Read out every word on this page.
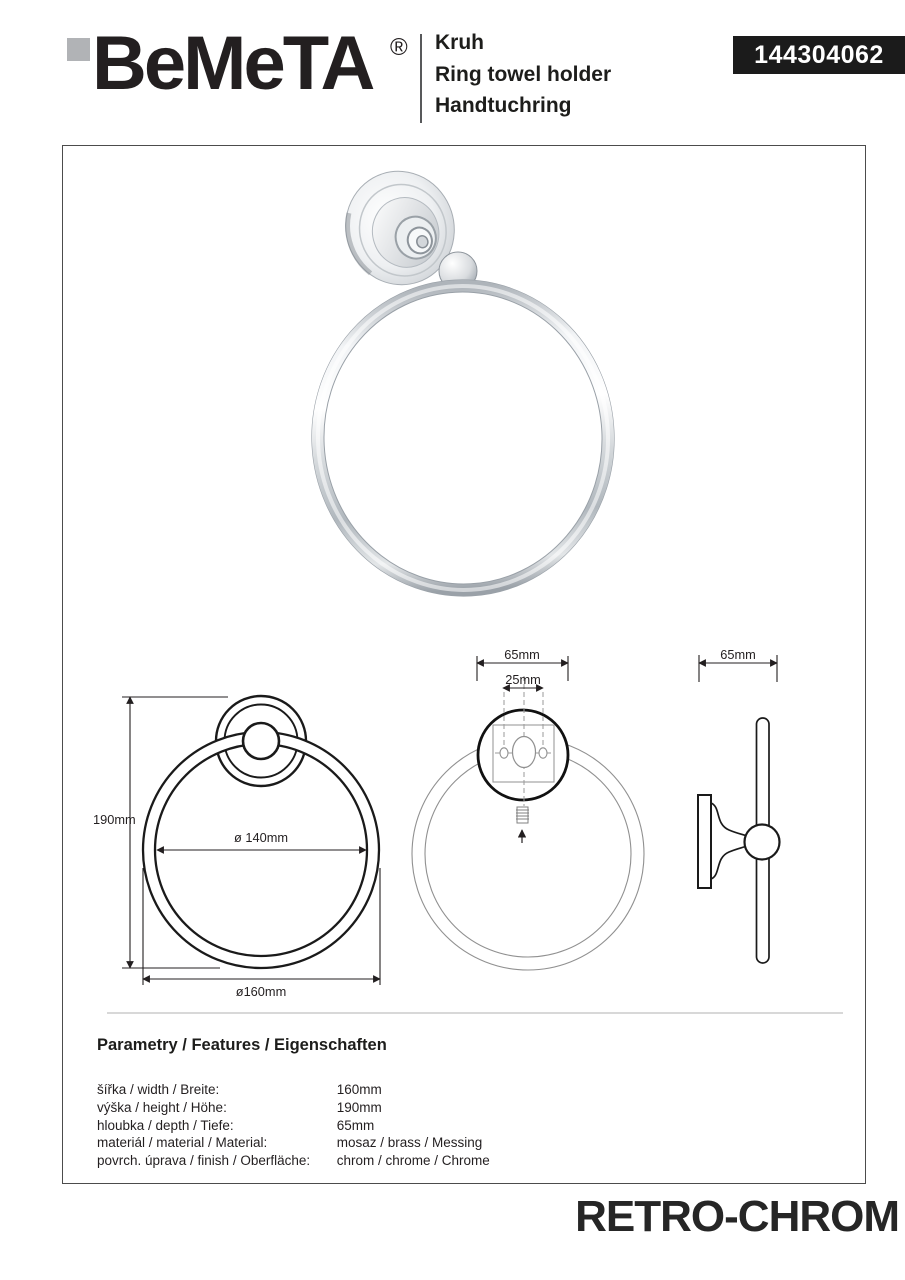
BeMeTA ® Kruh
Ring towel holder
Handtuchring
144304062
190mm
ø 140mm
ø160mm
65mm
25mm
65mm
Parametry / Features / Eigenschaften
šířka / width / Breite:	160mm
výška / height / Höhe:	190mm
hloubka / depth / Tiefe:	65mm
materiál / material / Material:	mosaz / brass / Messing
povrch. úprava / finish / Oberfläche: chrom / chrome / Chrome
RETRO-CHROM
